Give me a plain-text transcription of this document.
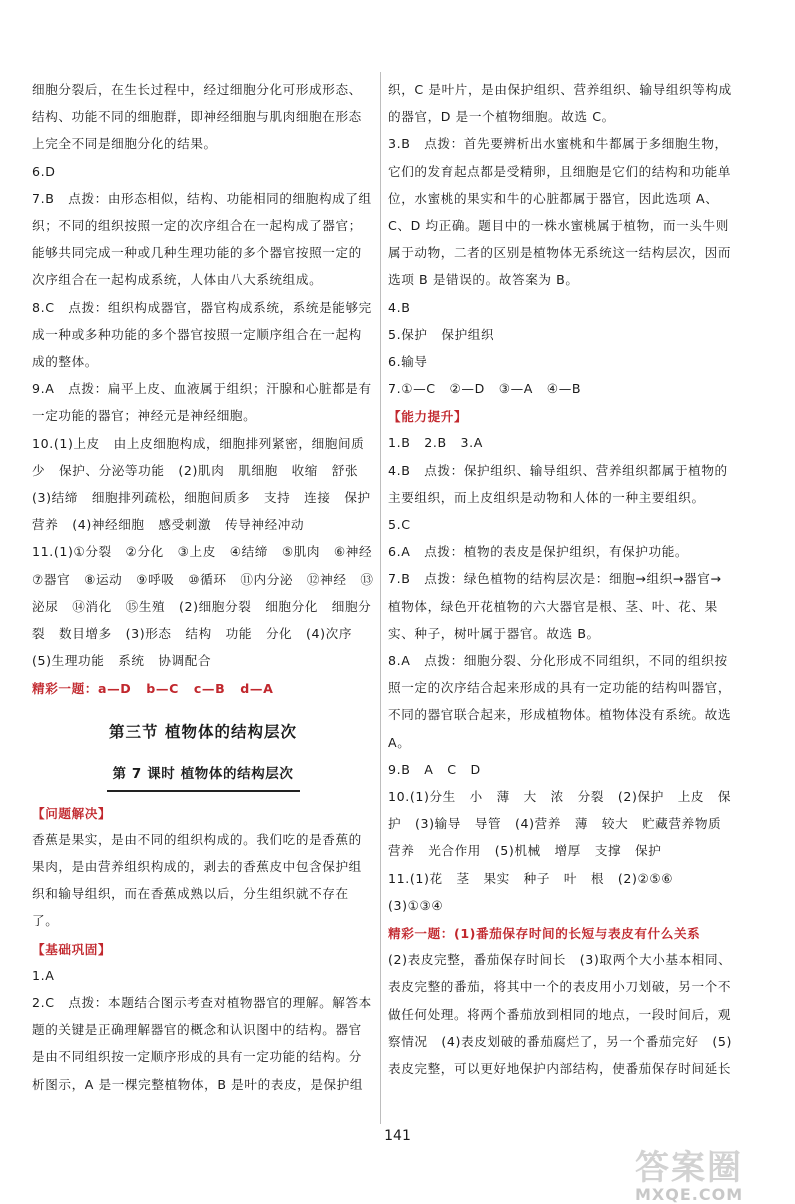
细胞分裂后，在生长过程中，经过细胞分化可形成形态、结构、功能不同的细胞群，即神经细胞与肌肉细胞在形态上完全不同是细胞分化的结果。

6.D

7.B   点拨：由形态相似，结构、功能相同的细胞构成了组织；不同的组织按照一定的次序组合在一起构成了器官；能够共同完成一种或几种生理功能的多个器官按照一定的次序组合在一起构成系统，人体由八大系统组成。

8.C   点拨：组织构成器官，器官构成系统，系统是能够完成一种或多种功能的多个器官按照一定顺序组合在一起构成的整体。

9.A   点拨：扁平上皮、血液属于组织；汗腺和心脏都是有一定功能的器官；神经元是神经细胞。

10.(1)上皮   由上皮细胞构成，细胞排列紧密，细胞间质少   保护、分泌等功能   (2)肌肉   肌细胞   收缩   舒张   (3)结缔   细胞排列疏松，细胞间质多   支持   连接   保护   营养   (4)神经细胞   感受刺激   传导神经冲动

11.(1)①分裂   ②分化   ③上皮   ④结缔   ⑤肌肉   ⑥神经   ⑦器官   ⑧运动   ⑨呼吸   ⑩循环   ⑪内分泌   ⑫神经   ⑬泌尿   ⑭消化   ⑮生殖   (2)细胞分裂   细胞分化   细胞分裂   数目增多   (3)形态   结构   功能   分化   (4)次序   (5)生理功能   系统   协调配合

精彩一题：a—D   b—C   c—B   d—A

第三节 植物体的结构层次
第 7 课时 植物体的结构层次

【问题解决】

香蕉是果实，是由不同的组织构成的。我们吃的是香蕉的果肉，是由营养组织构成的，剥去的香蕉皮中包含保护组织和输导组织，而在香蕉成熟以后，分生组织就不存在了。

【基础巩固】

1.A

2.C   点拨：本题结合图示考查对植物器官的理解。解答本题的关键是正确理解器官的概念和认识图中的结构。器官是由不同组织按一定顺序形成的具有一定功能的结构。分析图示，A 是一棵完整植物体，B 是叶的表皮，是保护组

织，C 是叶片，是由保护组织、营养组织、输导组织等构成的器官，D 是一个植物细胞。故选 C。

3.B   点拨：首先要辨析出水蜜桃和牛都属于多细胞生物，它们的发育起点都是受精卵，且细胞是它们的结构和功能单位，水蜜桃的果实和牛的心脏都属于器官，因此选项 A、C、D 均正确。题目中的一株水蜜桃属于植物，而一头牛则属于动物，二者的区别是植物体无系统这一结构层次，因而选项 B 是错误的。故答案为 B。

4.B

5.保护   保护组织

6.输导

7.①—C   ②—D   ③—A   ④—B

【能力提升】

1.B   2.B   3.A

4.B   点拨：保护组织、输导组织、营养组织都属于植物的主要组织，而上皮组织是动物和人体的一种主要组织。

5.C

6.A   点拨：植物的表皮是保护组织，有保护功能。

7.B   点拨：绿色植物的结构层次是：细胞→组织→器官→植物体，绿色开花植物的六大器官是根、茎、叶、花、果实、种子，树叶属于器官。故选 B。

8.A   点拨：细胞分裂、分化形成不同组织，不同的组织按照一定的次序结合起来形成的具有一定功能的结构叫器官，不同的器官联合起来，形成植物体。植物体没有系统。故选 A。

9.B   A   C   D

10.(1)分生   小   薄   大   浓   分裂   (2)保护   上皮   保护   (3)输导   导管   (4)营养   薄   较大   贮藏营养物质   营养   光合作用   (5)机械   增厚   支撑   保护

11.(1)花   茎   果实   种子   叶   根   (2)②⑤⑥   (3)①③④

精彩一题：(1)番茄保存时间的长短与表皮有什么关系

(2)表皮完整，番茄保存时间长   (3)取两个大小基本相同、表皮完整的番茄，将其中一个的表皮用小刀划破，另一个不做任何处理。将两个番茄放到相同的地点，一段时间后，观察情况   (4)表皮划破的番茄腐烂了，另一个番茄完好   (5)表皮完整，可以更好地保护内部结构，使番茄保存时间延长

141
答案圈
MXQE.COM
